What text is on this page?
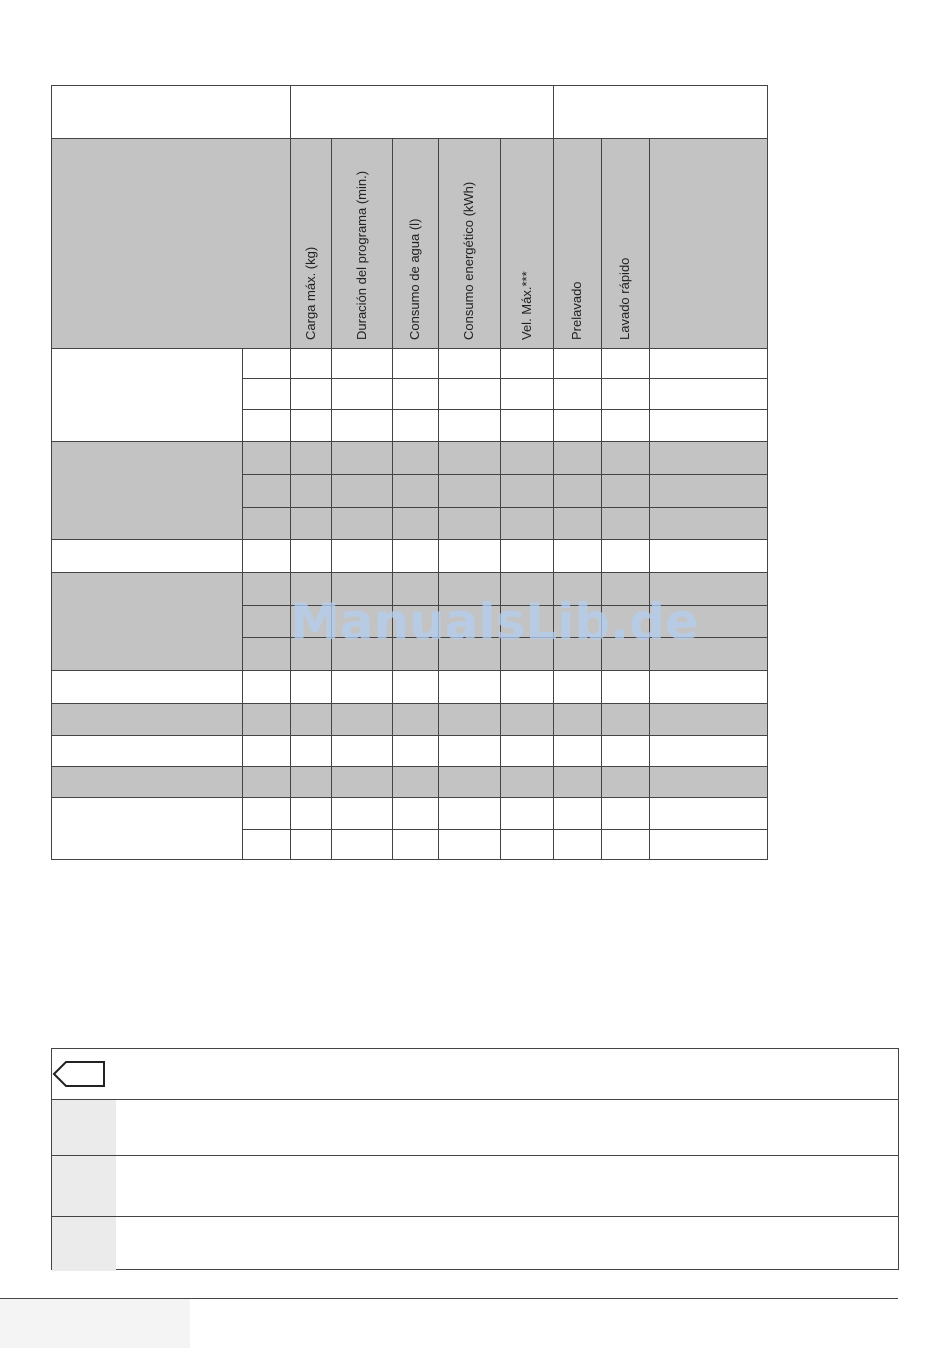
Carga máx. (kg)	Duración del programa (min.)	Consumo de agua (l)	Consumo energético (kWh)	Vel. Máx.***	Prelavado	Lavado rápido
ManualsLib.de
